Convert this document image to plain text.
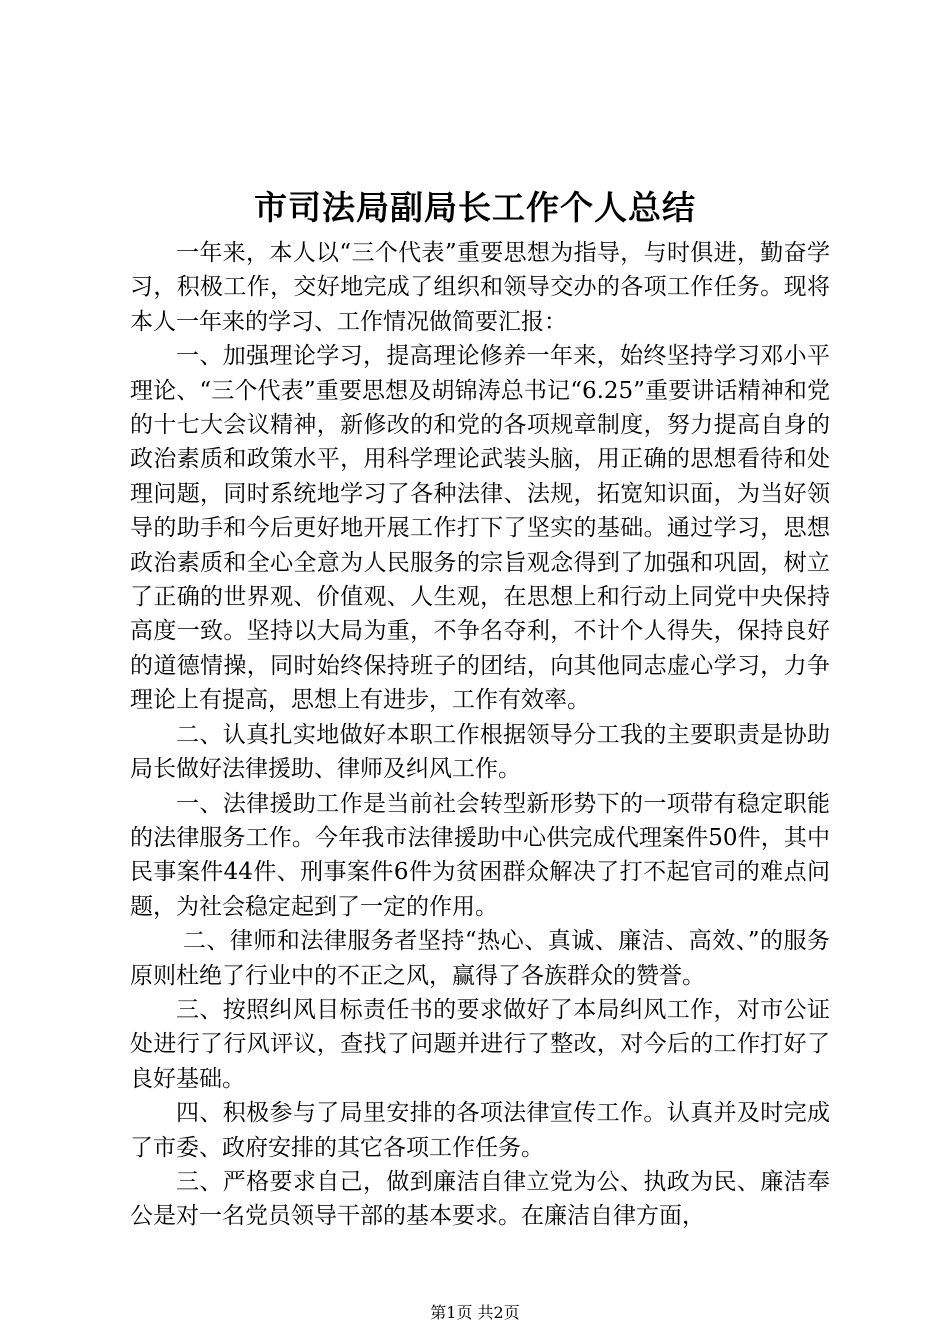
市司法局副局长工作个人总结

一年来，本人以“三个代表”重要思想为指导，与时俱进，勤奋学习，积极工作，交好地完成了组织和领导交办的各项工作任务。现将本人一年来的学习、工作情况做简要汇报：

一、加强理论学习，提高理论修养一年来，始终坚持学习邓小平理论、“三个代表”重要思想及胡锦涛总书记“6.25”重要讲话精神和党的十七大会议精神，新修改的和党的各项规章制度，努力提高自身的政治素质和政策水平，用科学理论武装头脑，用正确的思想看待和处理问题，同时系统地学习了各种法律、法规，拓宽知识面，为当好领导的助手和今后更好地开展工作打下了坚实的基础。通过学习，思想政治素质和全心全意为人民服务的宗旨观念得到了加强和巩固，树立了正确的世界观、价值观、人生观，在思想上和行动上同党中央保持高度一致。坚持以大局为重，不争名夺利，不计个人得失，保持良好的道德情操，同时始终保持班子的团结，向其他同志虚心学习，力争理论上有提高，思想上有进步，工作有效率。

二、认真扎实地做好本职工作根据领导分工我的主要职责是协助局长做好法律援助、律师及纠风工作。

一、法律援助工作是当前社会转型新形势下的一项带有稳定职能的法律服务工作。今年我市法律援助中心供完成代理案件50件，其中民事案件44件、刑事案件6件为贫困群众解决了打不起官司的难点问题，为社会稳定起到了一定的作用。

二、律师和法律服务者坚持“热心、真诚、廉洁、高效、”的服务原则杜绝了行业中的不正之风，赢得了各族群众的赞誉。

三、按照纠风目标责任书的要求做好了本局纠风工作，对市公证处进行了行风评议，查找了问题并进行了整改，对今后的工作打好了良好基础。

四、积极参与了局里安排的各项法律宣传工作。认真并及时完成了市委、政府安排的其它各项工作任务。

三、严格要求自己，做到廉洁自律立党为公、执政为民、廉洁奉公是对一名党员领导干部的基本要求。在廉洁自律方面，

第1页 共2页
